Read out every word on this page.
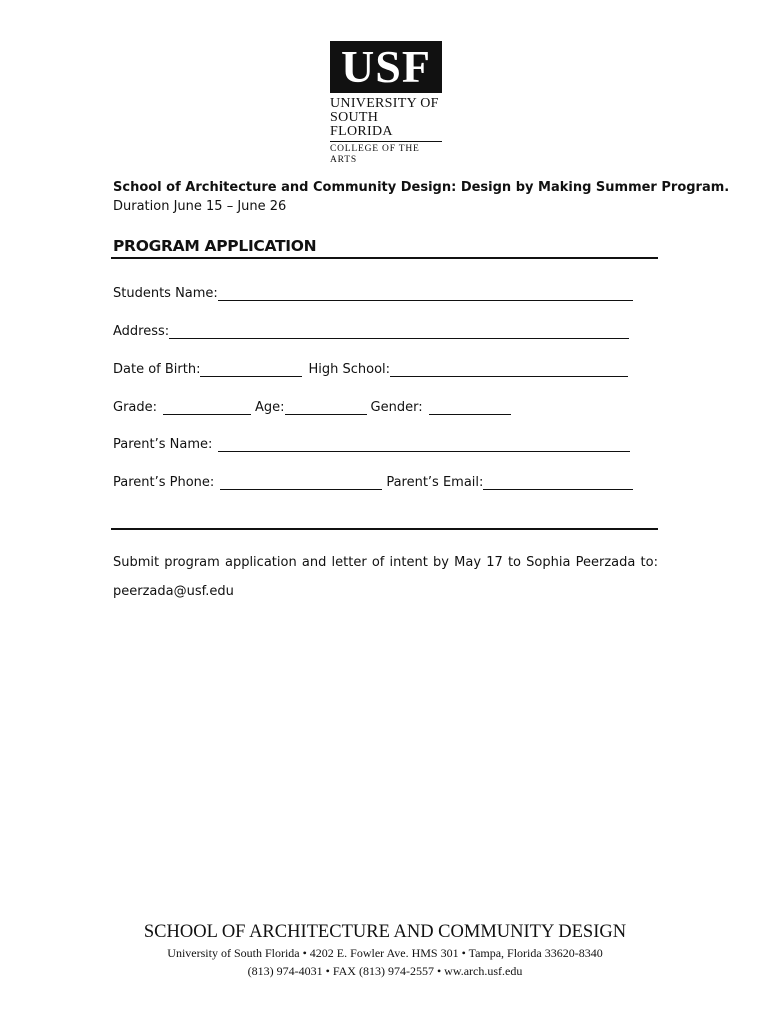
USF
UNIVERSITY OF
SOUTH FLORIDA
COLLEGE OF THE ARTS
School of Architecture and Community Design: Design by Making Summer Program.
Duration June 15 – June 26
PROGRAM APPLICATION
Students Name:
Address:
Date of Birth:	High School:
Grade:	Age:	Gender:
Parent’s Name:
Parent’s Phone:	Parent’s Email:
Submit program application and letter of intent by May 17 to Sophia Peerzada to:
peerzada@usf.edu
SCHOOL OF ARCHITECTURE AND COMMUNITY DESIGN
University of South Florida • 4202 E. Fowler Ave. HMS 301 • Tampa, Florida 33620-8340
(813) 974-4031 • FAX (813) 974-2557 • ww.arch.usf.edu
